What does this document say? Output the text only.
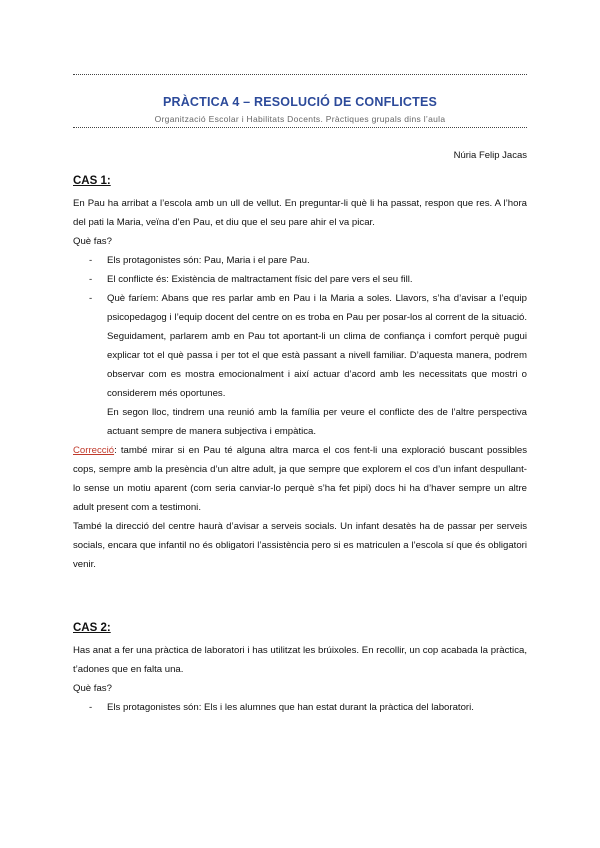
PRÀCTICA 4 – RESOLUCIÓ DE CONFLICTES
Organització Escolar i Habilitats Docents. Pràctiques grupals dins l’aula
Núria Felip Jacas
CAS 1:
En Pau ha arribat a l’escola amb un ull de vellut. En preguntar-li què li ha passat, respon que res. A l’hora del pati la Maria, veïna d’en Pau, et diu que el seu pare ahir el va picar.
Què fas?
- Els protagonistes són: Pau, Maria i el pare Pau.
- El conflicte és: Existència de maltractament físic del pare vers el seu fill.
- Què faríem: Abans que res parlar amb en Pau i la Maria a soles. Llavors, s’ha d’avisar a l’equip psicopedagog i l’equip docent del centre on es troba en Pau per posar-los al corrent de la situació. Seguidament, parlarem amb en Pau tot aportant-li un clima de confiança i comfort perquè pugui explicar tot el què passa i per tot el que està passant a nivell familiar. D’aquesta manera, podrem observar com es mostra emocionalment i així actuar d’acord amb les necessitats que mostri o considerem més oportunes.
En segon lloc, tindrem una reunió amb la família per veure el conflicte des de l’altre perspectiva actuant sempre de manera subjectiva i empàtica.
Correcció: també mirar si en Pau té alguna altra marca el cos fent-li una exploració buscant possibles cops, sempre amb la presència d’un altre adult, ja que sempre que explorem el cos d’un infant despullant-lo sense un motiu aparent (com seria canviar-lo perquè s’ha fet pipi) docs hi ha d’haver sempre un altre adult present com a testimoni.
També la direcció del centre haurà d’avisar a serveis socials. Un infant desatès ha de passar per serveis socials, encara que infantil no és obligatori l’assistència pero si es matriculen a l’escola sí que és obligatori venir.
CAS 2:
Has anat a fer una pràctica de laboratori i has utilitzat les brúixoles. En recollir, un cop acabada la pràctica, t’adones que en falta una.
Què fas?
- Els protagonistes són: Els i les alumnes que han estat durant la pràctica del laboratori.
